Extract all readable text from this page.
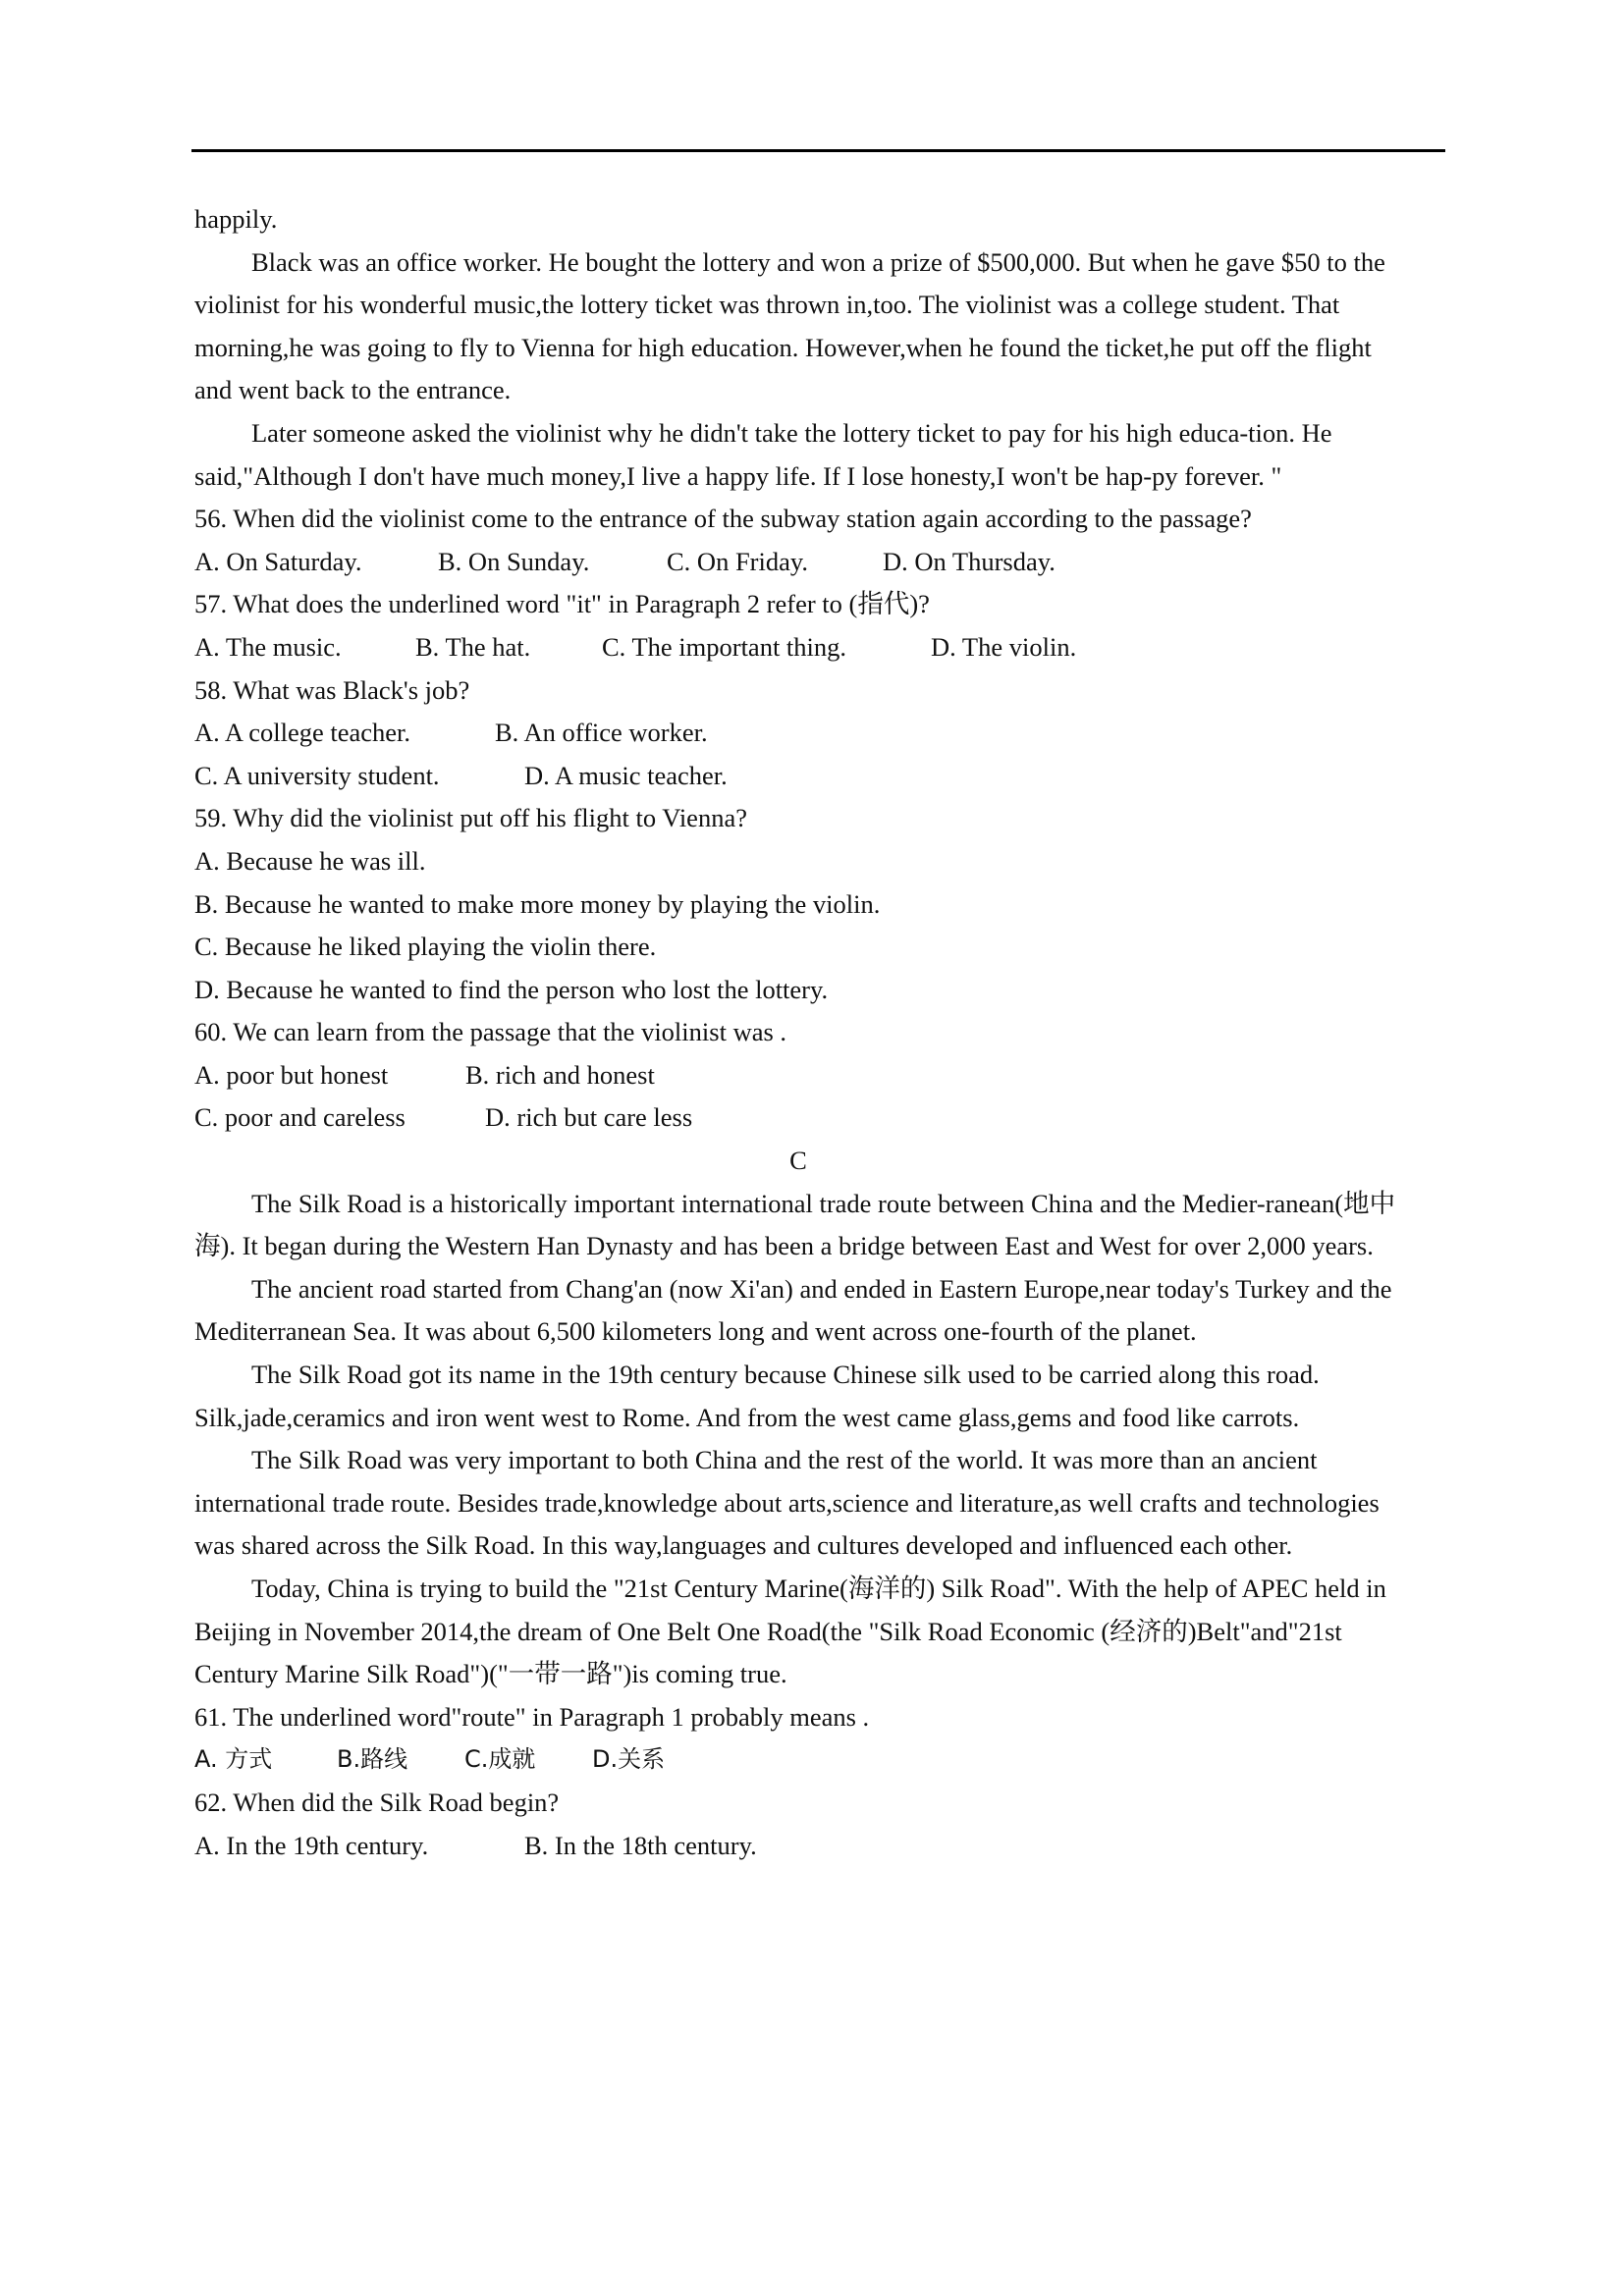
happily.

Black was an office worker. He bought the lottery and won a prize of $500,000. But when he gave $50 to the violinist for his wonderful music,the lottery ticket was thrown in,too. The violinist was a college student. That morning,he was going to fly to Vienna for high education. However,when he found the ticket,he put off the flight and went back to the entrance.

Later someone asked the violinist why he didn't take the lottery ticket to pay for his high educa-tion. He said,"Although I don't have much money,I live a happy life. If I lose honesty,I won't be hap-py forever. "

56. When did the violinist come to the entrance of the subway station again according to the passage?

A. On Saturday.	B. On Sunday.	C. On Friday.	D. On Thursday.

57. What does the underlined word "it" in Paragraph 2 refer to (指代)?

A. The music.	B. The hat.	C. The important thing.	D. The violin.

58. What was Black's job?

A. A college teacher.	B. An office worker.

C. A university student.	D. A music teacher.

59. Why did the violinist put off his flight to Vienna?

A. Because he was ill.

B. Because he wanted to make more money by playing the violin.

C. Because he liked playing the violin there.

D. Because he wanted to find the person who lost the lottery.

60. We can learn from the passage that the violinist was .

A. poor but honest	B. rich and honest

C. poor and careless	D. rich but care less

C

The Silk Road is a historically important international trade route between China and the Medier-ranean(地中海). It began during the Western Han Dynasty and has been a bridge between East and West for over 2,000 years.

The ancient road started from Chang'an (now Xi'an) and ended in Eastern Europe,near today's Turkey and the Mediterranean Sea. It was about 6,500 kilometers long and went across one-fourth of the planet.

The Silk Road got its name in the 19th century because Chinese silk used to be carried along this road. Silk,jade,ceramics and iron went west to Rome. And from the west came glass,gems and food like carrots.

The Silk Road was very important to both China and the rest of the world. It was more than an ancient international trade route. Besides trade,knowledge about arts,science and literature,as well crafts and technologies was shared across the Silk Road. In this way,languages and cultures developed and influenced each other.

Today, China is trying to build the "21st Century Marine(海洋的) Silk Road". With the help of APEC held in Beijing in November 2014,the dream of One Belt One Road(the "Silk Road Economic (经济的)Belt"and"21st Century Marine Silk Road")("一带一路")is coming true.

61. The underlined word"route" in Paragraph 1 probably means .

A. 方式	B.路线 C.成就 D.关系

62. When did the Silk Road begin?

A. In the 19th century.	B. In the 18th century.
